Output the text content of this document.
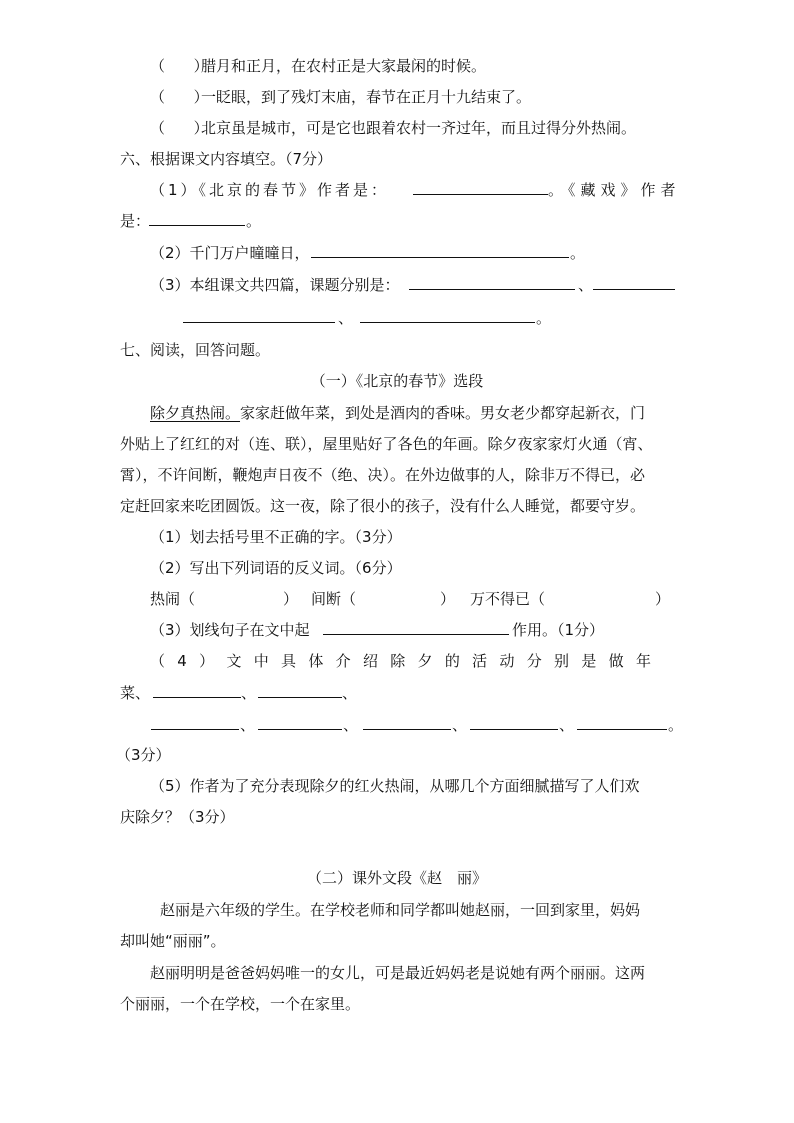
（      ）

腊月和正月，在农村正是大家最闲的时候。

（      ）

一眨眼，到了残灯末庙，春节在正月十九结束了。

（      ）

北京虽是城市，可是它也跟着农村一齐过年，而且过得分外热闹。

六、根据课文内容填空。（7分）

（1）《北京的春节》作者是：

	。《藏戏》作者

是：

	。

（2）千门万户曈曈日，

	。

（3）本组课文共四篇，课题分别是：

	、

、

	。

七、阅读，回答问题。

（一）《北京的春节》选段

除夕真热闹。家家赶做年菜，到处是酒肉的香味。男女老少都穿起新衣，门

外贴上了红红的对（连、联），屋里贴好了各色的年画。除夕夜家家灯火通（宵、

霄），不许间断，鞭炮声日夜不（绝、决）。在外边做事的人，除非万不得已，必

定赶回家来吃团圆饭。这一夜，除了很小的孩子，没有什么人睡觉，都要守岁。

（1）划去括号里不正确的字。（3分）

（2）写出下列词语的反义词。（6分）

热闹（

	）

间断（

	）

万不得已（

	）

（3）划线句子在文中起

	作用。（1分）

（4）文中具体介绍除夕的活动分别是做年

菜、

	、

	、

、

	、

	、

	、

	。

（3分）

（5）作者为了充分表现除夕的红火热闹，从哪几个方面细腻描写了人们欢

庆除夕？（3分）

（二）课外文段《赵　丽》

赵丽是六年级的学生。在学校老师和同学都叫她赵丽，一回到家里，妈妈

却叫她“丽丽”。

赵丽明明是爸爸妈妈唯一的女儿，可是最近妈妈老是说她有两个丽丽。这两

个丽丽，一个在学校，一个在家里。
